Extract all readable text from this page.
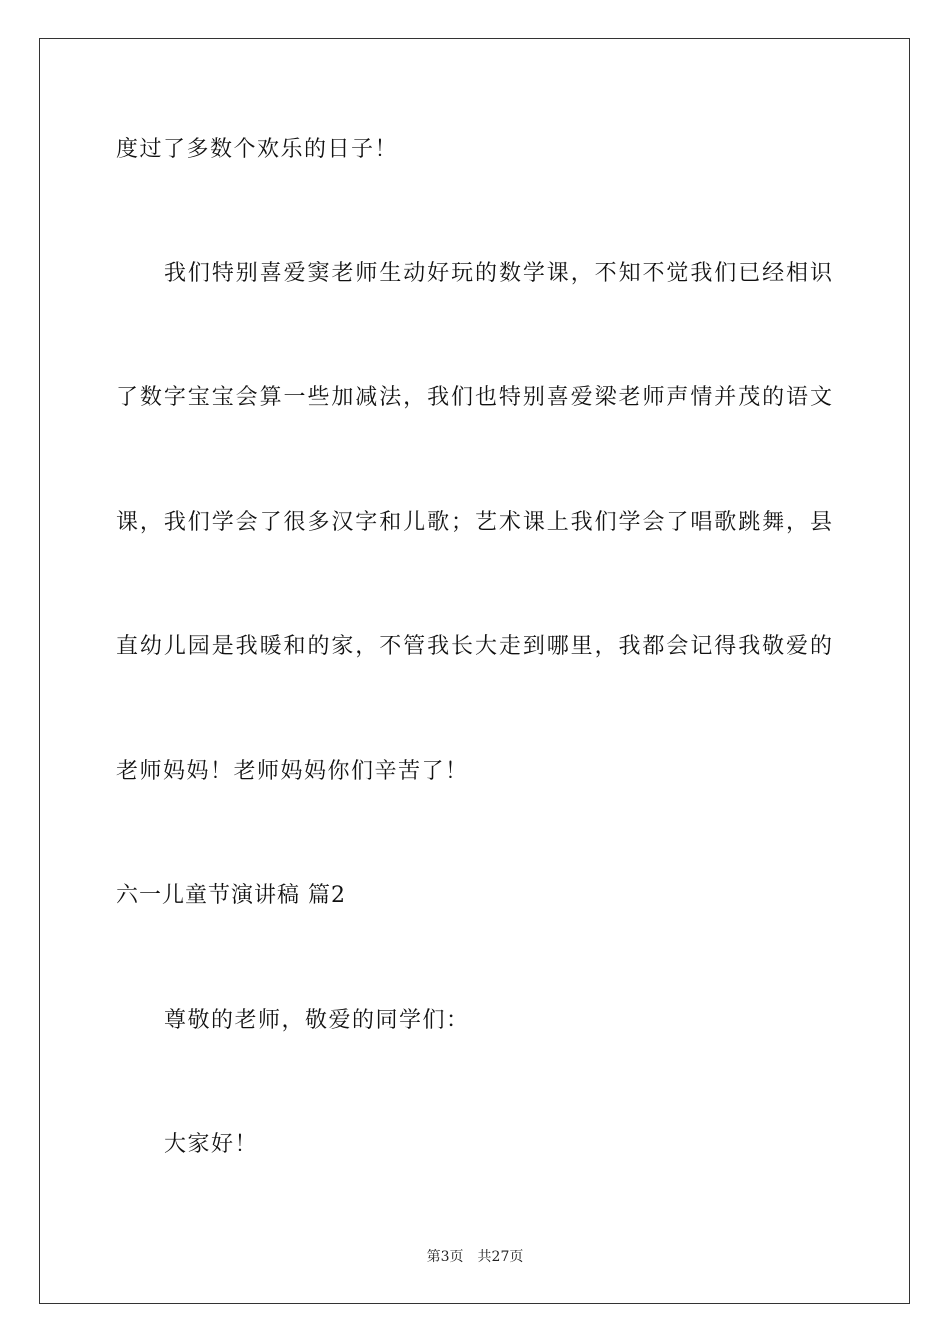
度过了多数个欢乐的日子！
我们特别喜爱窦老师生动好玩的数学课，不知不觉我们已经相识
了数字宝宝会算一些加减法，我们也特别喜爱梁老师声情并茂的语文
课，我们学会了很多汉字和儿歌；艺术课上我们学会了唱歌跳舞，县
直幼儿园是我暖和的家，不管我长大走到哪里，我都会记得我敬爱的
老师妈妈！老师妈妈你们辛苦了！
六一儿童节演讲稿 篇2
尊敬的老师，敬爱的同学们：
大家好！
第3页 共27页
